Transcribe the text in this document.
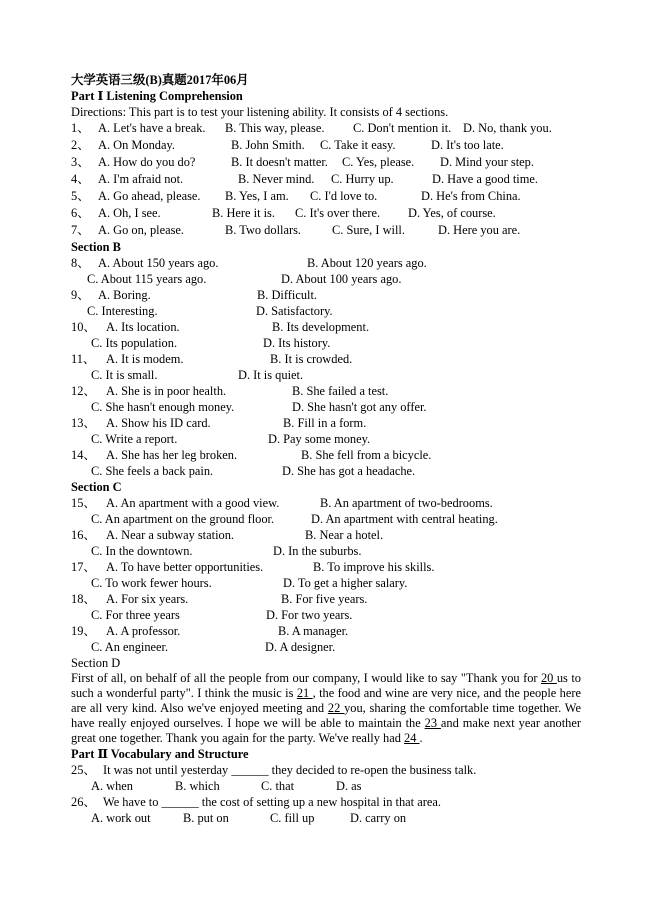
大学英语三级(B)真题2017年06月
Part Ⅰ Listening Comprehension
Directions: This part is to test your listening ability. It consists of 4 sections.
1、 A. Let's have a break. B. This way, please. C. Don't mention it. D. No, thank you.
2、 A. On Monday.	B. John Smith. C. Take it easy.	D. It's too late.
3、 A. How do you do?	B. It doesn't matter. C. Yes, please. D. Mind your step.
4、 A. I'm afraid not.	B. Never mind. C. Hurry up.	D. Have a good time.
5、 A. Go ahead, please. B. Yes, I am. C. I'd love to.	D. He's from China.
6、 A. Oh, I see.	B. Here it is. C. It's over there. D. Yes, of course.
7、 A. Go on, please.	B. Two dollars. C. Sure, I will.	D. Here you are.
Section B
8、 A. About 150 years ago.	B. About 120 years ago.
C. About 115 years ago.	D. About 100 years ago.
9、 A. Boring.	B. Difficult.
C. Interesting.	D. Satisfactory.
10、 A. Its location.	B. Its development.
C. Its population.	D. Its history.
11、 A. It is modem.	B. It is crowded.
C. It is small.	D. It is quiet.
12、 A. She is in poor health.	B. She failed a test.
C. She hasn't enough money.	D. She hasn't got any offer.
13、 A. Show his ID card.	B. Fill in a form.
C. Write a report.	D. Pay some money.
14、 A. She has her leg broken.	B. She fell from a bicycle.
C. She feels a back pain.	D. She has got a headache.
Section C
15、 A. An apartment with a good view.	B. An apartment of two-bedrooms.
C. An apartment on the ground floor.	D. An apartment with central heating.
16、 A. Near a subway station.	B. Near a hotel.
C. In the downtown.	D. In the suburbs.
17、 A. To have better opportunities.	B. To improve his skills.
C. To work fewer hours.	D. To get a higher salary.
18、 A. For six years.	B. For five years.
C. For three years	D. For two years.
19、 A. A professor.	B. A manager.
C. An engineer.	D. A designer.
Section D
First of all, on behalf of all the people from our company, I would like to say "Thank you for 20 us to such a wonderful party". I think the music is 21 , the food and wine are very nice, and the people here are all very kind. Also we've enjoyed meeting and 22 you, sharing the comfortable time together. We have really enjoyed ourselves. I hope we will be able to maintain the 23 and make next year another great one together. Thank you again for the party. We've really had 24 .
Part Ⅱ Vocabulary and Structure
25、 It was not until yesterday ______ they decided to re-open the business talk.
A. when	B. which	C. that	D. as
26、 We have to ______ the cost of setting up a new hospital in that area.
A. work out	B. put on	C. fill up	D. carry on
